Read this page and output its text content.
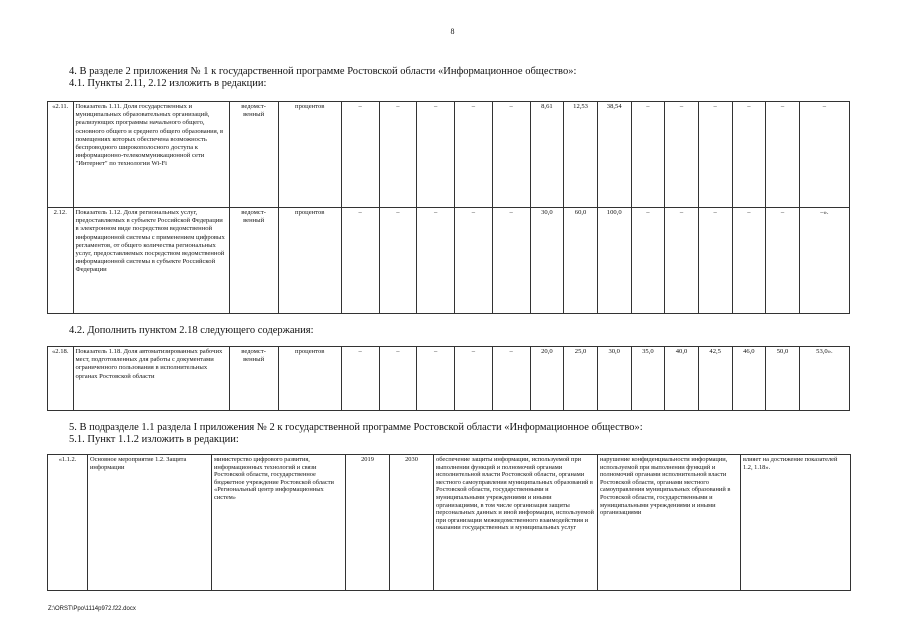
8
4. В разделе 2 приложения № 1 к государственной программе Ростовской области «Информационное общество»:
4.1. Пункты 2.11, 2.12 изложить в редакции:
«2.11.	Показатель 1.11. Доля государственных и муниципальных образовательных организаций, реализующих программы начального общего, основного общего и среднего общего образования, в помещениях которых обеспечена возможность беспроводного широкополосного доступа к информационно-телекоммуникационной сети "Интернет" по технологии Wi-Fi	ведомст-венный	процентов	–	–	–	–	–	8,61	12,53	38,54	–	–	–	–	–	–
2.12.	Показатель 1.12. Доля региональных услуг, предоставляемых в субъекте Российской Федерации в электронном виде посредством ведомственной информационной системы с применением цифровых регламентов, от общего количества региональных услуг, предоставляемых посредством ведомственной информационной системы в субъекте Российской Федерации	ведомст-венный	процентов	–	–	–	–	–	30,0	60,0	100,0	–	–	–	–	–	–».
4.2. Дополнить пунктом 2.18 следующего содержания:
«2.18.	Показатель 1.18. Доля автоматизированных рабочих мест, подготовленных для работы с документами ограниченного пользования в исполнительных органах Ростовской области	ведомст-венный	процентов	–	–	–	–	–	20,0	25,0	30,0	35,0	40,0	42,5	46,0	50,0	53,0».
5. В подразделе 1.1 раздела I приложения № 2 к государственной программе Ростовской области «Информационное общество»:
5.1. Пункт 1.1.2 изложить в редакции:
«1.1.2.	Основное мероприятие 1.2. Защита информации	министерство цифрового развития, информационных технологий и связи Ростовской области, государственное бюджетное учреждение Ростовской области «Региональный центр информационных систем»	2019	2030	обеспечение защиты информации, используемой при выполнении функций и полномочий органами исполнительной власти Ростовской области, органами местного самоуправления муниципальных образований в Ростовской области, государственными и муниципальными учреждениями и иными организациями, в том числе организация защиты персональных данных и иной информации, используемой при организации межведомственного взаимодействия и оказании государственных и муниципальных услуг	нарушение конфиденциальности информации, используемой при выполнении функций и полномочий органами исполнительной власти Ростовской области, органами местного самоуправления муниципальных образований в Ростовской области, государственными и муниципальными учреждениями и иными организациями	влияет на достижение показателей 1.2, 1.18».
Z:\ORST\Ppo\1114p972.f22.docx
